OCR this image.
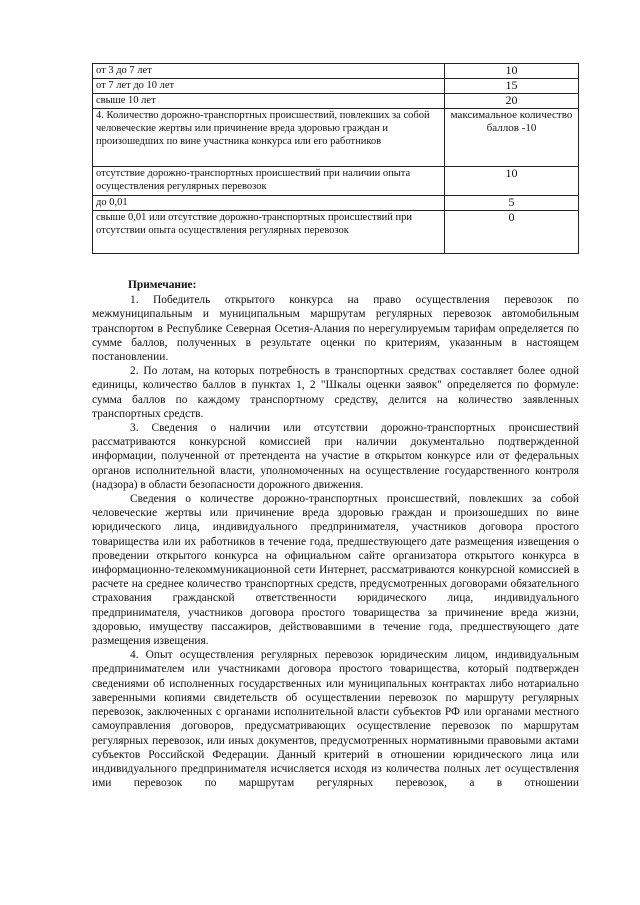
от 3 до 7 лет	10
от 7 лет до 10 лет	15
свыше 10 лет	20
4. Количество дорожно-транспортных происшествий, повлекших за собой человеческие жертвы или причинение вреда здоровью граждан и произошедших по вине участника конкурса или его работников	максимальное количество баллов -10
отсутствие дорожно-транспортных происшествий при наличии опыта осуществления регулярных перевозок	10
до 0,01	5
свыше 0,01 или отсутствие дорожно-транспортных происшествий при отсутствии опыта осуществления регулярных перевозок	0

Примечание:

1. Победитель открытого конкурса на право осуществления перевозок по межмуниципальным и муниципальным маршрутам регулярных перевозок автомобильным транспортом в Республике Северная Осетия-Алания по нерегулируемым тарифам определяется по сумме баллов, полученных в результате оценки по критериям, указанным в настоящем постановлении.

2. По лотам, на которых потребность в транспортных средствах составляет более одной единицы, количество баллов в пунктах 1, 2 "Шкалы оценки заявок" определяется по формуле: сумма баллов по каждому транспортному средству, делится на количество заявленных транспортных средств.

3. Сведения о наличии или отсутствии дорожно-транспортных происшествий рассматриваются конкурсной комиссией при наличии документально подтвержденной информации, полученной от претендента на участие в открытом конкурсе или от федеральных органов исполнительной власти, уполномоченных на осуществление государственного контроля (надзора) в области безопасности дорожного движения.

Сведения о количестве дорожно-транспортных происшествий, повлекших за собой человеческие жертвы или причинение вреда здоровью граждан и произошедших по вине юридического лица, индивидуального предпринимателя, участников договора простого товарищества или их работников в течение года, предшествующего дате размещения извещения о проведении открытого конкурса на официальном сайте организатора открытого конкурса в информационно-телекоммуникационной сети Интернет, рассматриваются конкурсной комиссией в расчете на среднее количество транспортных средств, предусмотренных договорами обязательного страхования гражданской ответственности юридического лица, индивидуального предпринимателя, участников договора простого товарищества за причинение вреда жизни, здоровью, имуществу пассажиров, действовавшими в течение года, предшествующего дате размещения извещения.

4. Опыт осуществления регулярных перевозок юридическим лицом, индивидуальным предпринимателем или участниками договора простого товарищества, который подтвержден сведениями об исполненных государственных или муниципальных контрактах либо нотариально заверенными копиями свидетельств об осуществлении перевозок по маршруту регулярных перевозок, заключенных с органами исполнительной власти субъектов РФ или органами местного самоуправления договоров, предусматривающих осуществление перевозок по маршрутам регулярных перевозок, или иных документов, предусмотренных нормативными правовыми актами субъектов Российской Федерации. Данный критерий в отношении юридического лица или индивидуального предпринимателя исчисляется исходя из количества полных лет осуществления ими перевозок по маршрутам регулярных перевозок, а в отношении
